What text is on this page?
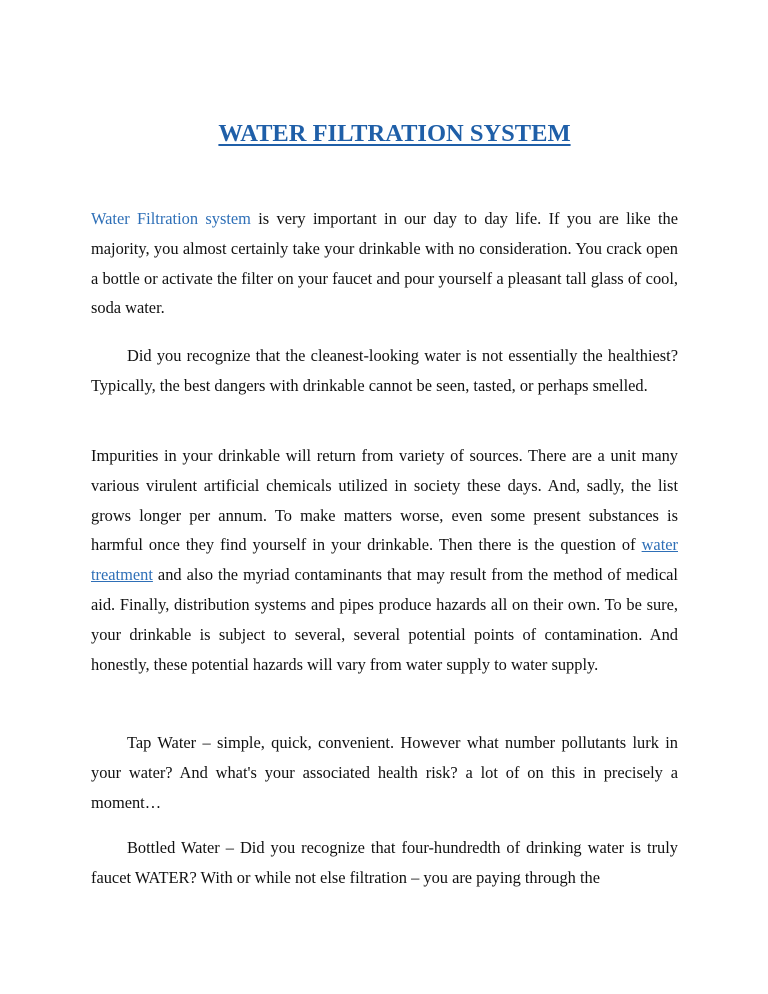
WATER FILTRATION SYSTEM

Water Filtration system is very important in our day to day life. If you are like the majority, you almost certainly take your drinkable with no consideration. You crack open a bottle or activate the filter on your faucet and pour yourself a pleasant tall glass of cool, soda water.

Did you recognize that the cleanest-looking water is not essentially the healthiest? Typically, the best dangers with drinkable cannot be seen, tasted, or perhaps smelled.

Impurities in your drinkable will return from variety of sources. There are a unit many various virulent artificial chemicals utilized in society these days. And, sadly, the list grows longer per annum. To make matters worse, even some present substances is harmful once they find yourself in your drinkable. Then there is the question of water treatment and also the myriad contaminants that may result from the method of medical aid. Finally, distribution systems and pipes produce hazards all on their own. To be sure, your drinkable is subject to several, several potential points of contamination. And honestly, these potential hazards will vary from water supply to water supply.

Tap Water – simple, quick, convenient. However what number pollutants lurk in your water? And what's your associated health risk? a lot of on this in precisely a moment…

Bottled Water – Did you recognize that four-hundredth of drinking water is truly faucet WATER? With or while not else filtration – you are paying through the
